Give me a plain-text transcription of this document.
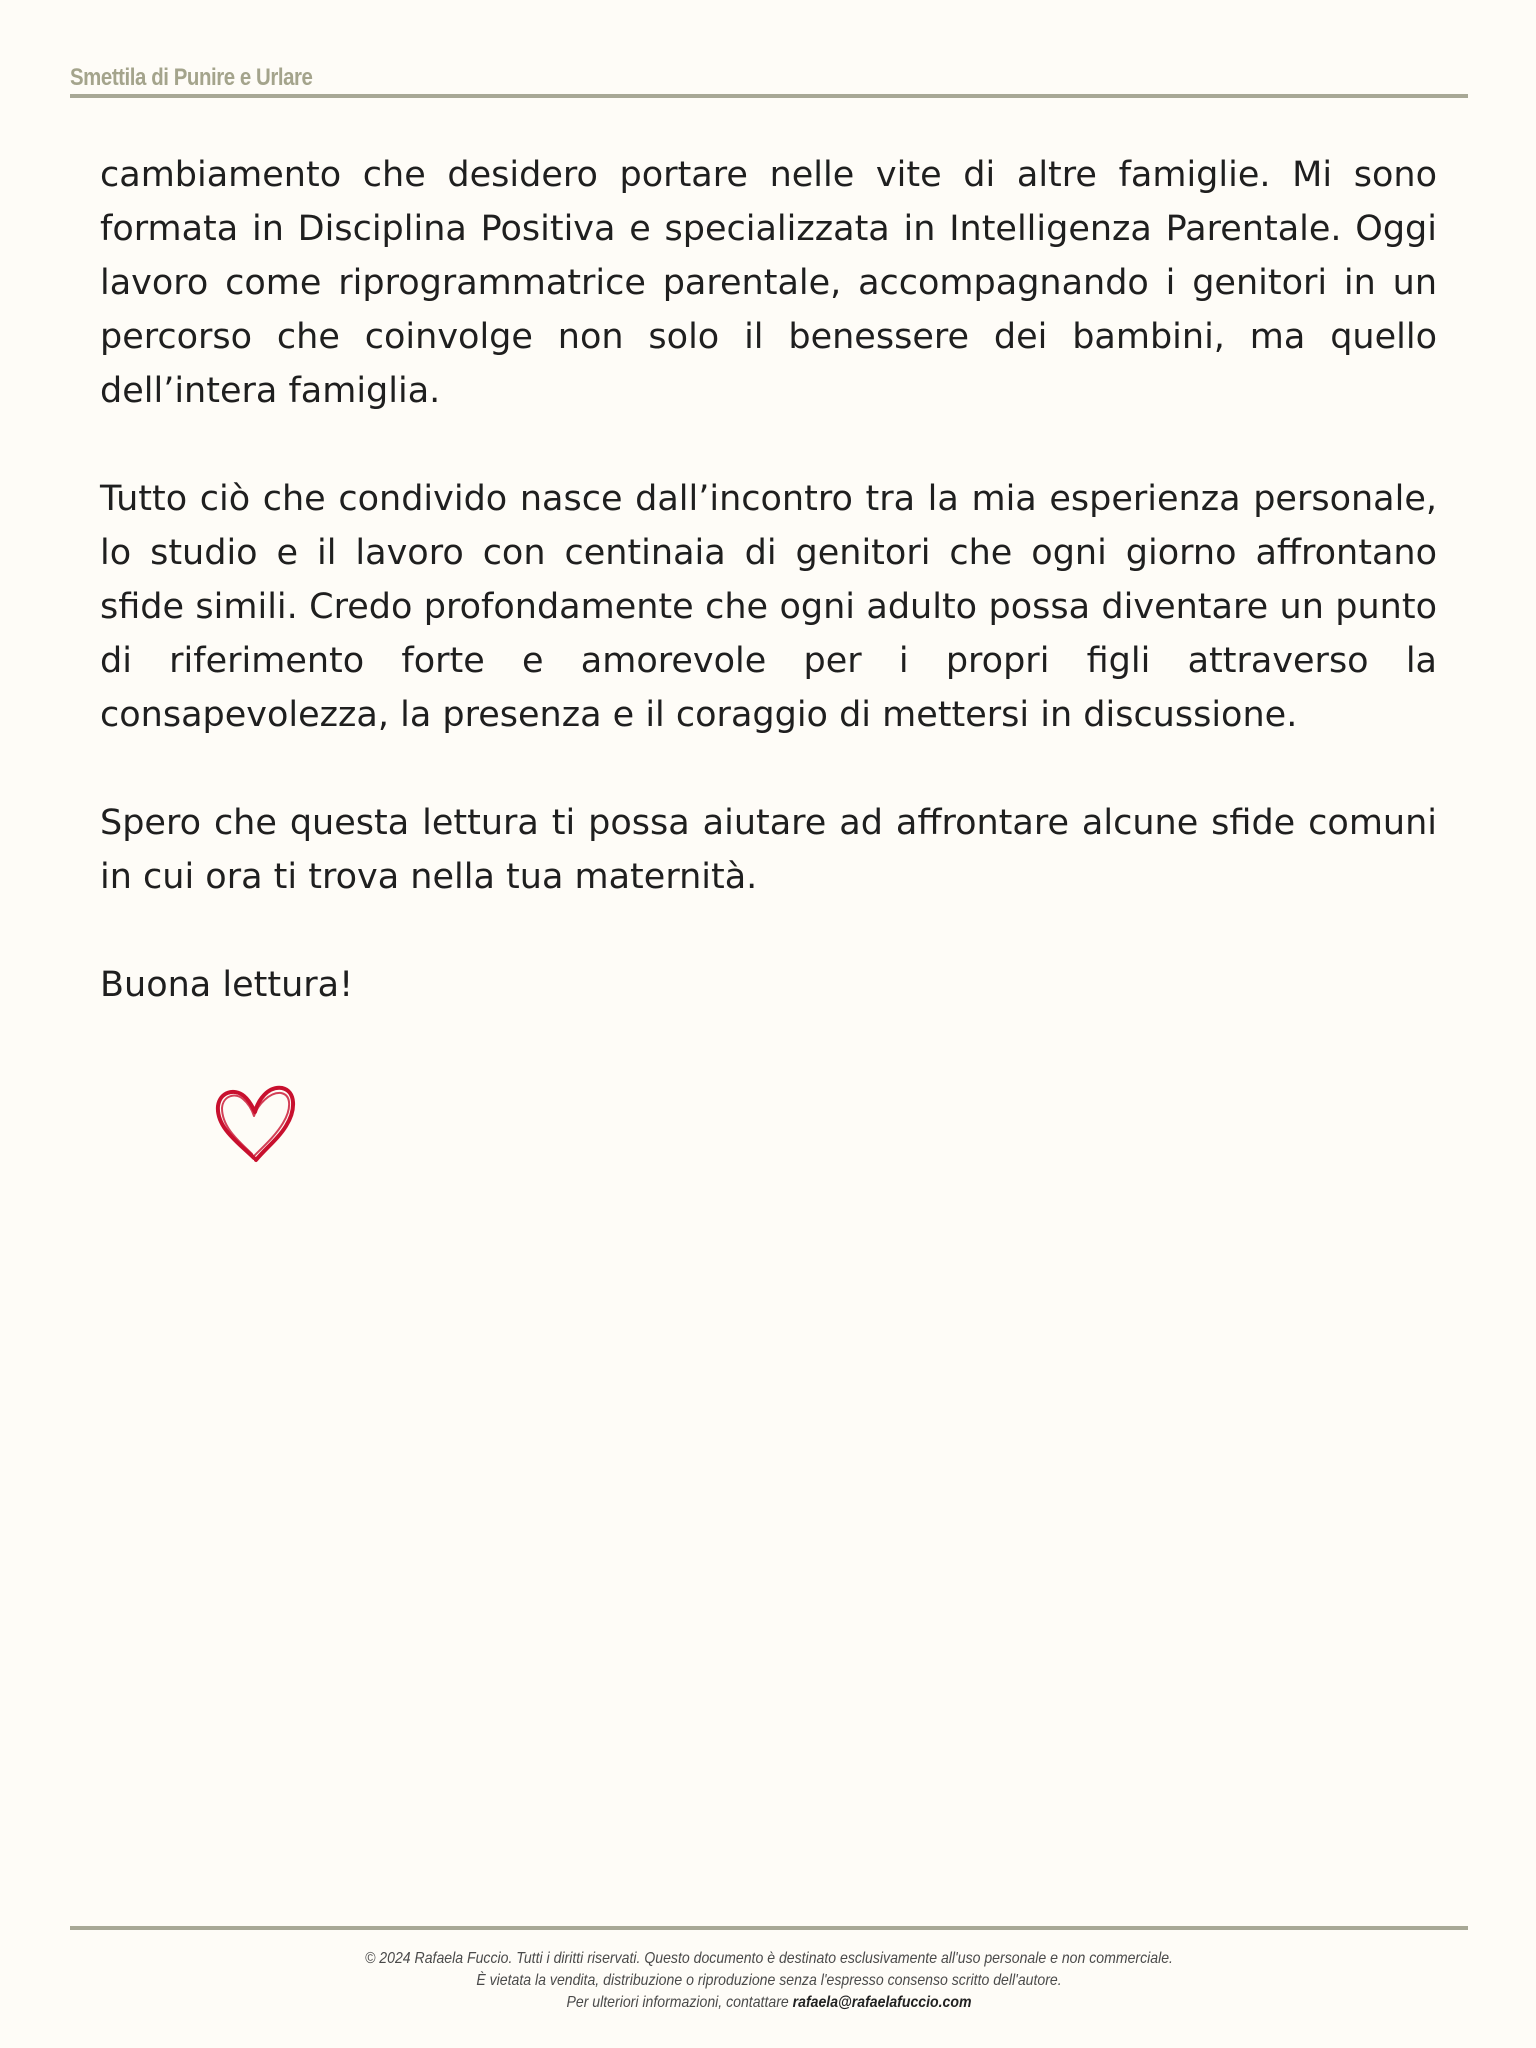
Smettila di Punire e Urlare

cambiamento che desidero portare nelle vite di altre famiglie. Mi sono formata in Disciplina Positiva e specializzata in Intelligenza Parentale. Oggi lavoro come riprogrammatrice parentale, accompagnando i genitori in un percorso che coinvolge non solo il benessere dei bambini, ma quello dell’intera famiglia.

Tutto ciò che condivido nasce dall’incontro tra la mia esperienza personale, lo studio e il lavoro con centinaia di genitori che ogni giorno affrontano sfide simili. Credo profondamente che ogni adulto possa diventare un punto di riferimento forte e amorevole per i propri figli attraverso la consapevolezza, la presenza e il coraggio di mettersi in discussione.

Spero che questa lettura ti possa aiutare ad affrontare alcune sfide comuni in cui ora ti trova nella tua maternità.

Buona lettura!

© 2024 Rafaela Fuccio. Tutti i diritti riservati. Questo documento è destinato esclusivamente all'uso personale e non commerciale.
È vietata la vendita, distribuzione o riproduzione senza l'espresso consenso scritto dell'autore.
Per ulteriori informazioni, contattare rafaela@rafaelafuccio.com
